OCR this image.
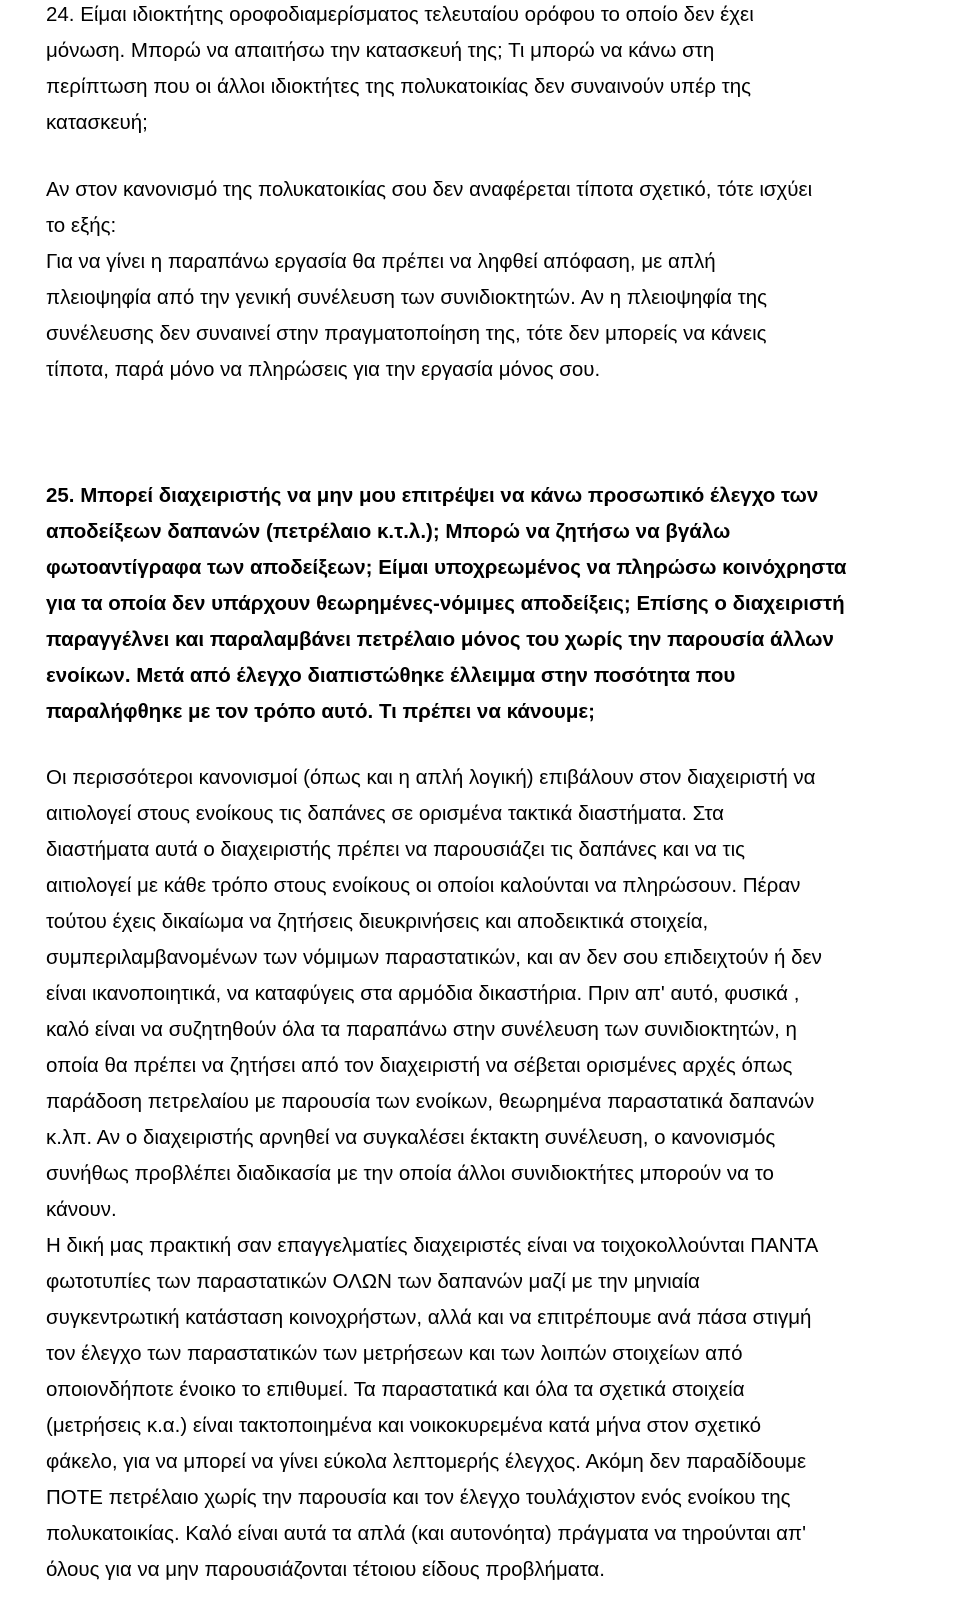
24. Είμαι ιδιοκτήτης οροφοδιαμερίσματος τελευταίου ορόφου το οποίο δεν έχει
μόνωση. Μπορώ να απαιτήσω την κατασκευή της; Τι μπορώ να κάνω στη
περίπτωση που οι άλλοι ιδιοκτήτες της πολυκατοικίας δεν συναινούν υπέρ της
κατασκευή;
Αν στον κανονισμό της πολυκατοικίας σου δεν αναφέρεται τίποτα σχετικό, τότε ισχύει
το εξής:
Για να γίνει η παραπάνω εργασία θα πρέπει να ληφθεί απόφαση, με απλή
πλειοψηφία από την γενική συνέλευση των συνιδιοκτητών. Αν η πλειοψηφία της
συνέλευσης δεν συναινεί στην πραγματοποίηση της, τότε δεν μπορείς να κάνεις
τίποτα, παρά μόνο να πληρώσεις για την εργασία μόνος σου.
25. Μπορεί διαχειριστής να μην μου επιτρέψει να κάνω προσωπικό έλεγχο των
αποδείξεων δαπανών (πετρέλαιο κ.τ.λ.); Μπορώ να ζητήσω να βγάλω
φωτοαντίγραφα των αποδείξεων; Είμαι υποχρεωμένος να πληρώσω κοινόχρηστα
για τα οποία δεν υπάρχουν θεωρημένες-νόμιμες αποδείξεις; Επίσης ο διαχειριστή
παραγγέλνει και παραλαμβάνει πετρέλαιο μόνος του χωρίς την παρουσία άλλων
ενοίκων. Μετά από έλεγχο διαπιστώθηκε έλλειμμα στην ποσότητα που
παραλήφθηκε με τον τρόπο αυτό. Τι πρέπει να κάνουμε;
Οι περισσότεροι κανονισμοί (όπως και η απλή λογική) επιβάλουν στον διαχειριστή να
αιτιολογεί στους ενοίκους τις δαπάνες σε ορισμένα τακτικά διαστήματα. Στα
διαστήματα αυτά ο διαχειριστής πρέπει να παρουσιάζει τις δαπάνες και να τις
αιτιολογεί με κάθε τρόπο στους ενοίκους οι οποίοι καλούνται να πληρώσουν. Πέραν
τούτου έχεις δικαίωμα να ζητήσεις διευκρινήσεις και αποδεικτικά στοιχεία,
συμπεριλαμβανομένων των νόμιμων παραστατικών, και αν δεν σου επιδειχτούν ή δεν
είναι ικανοποιητικά, να καταφύγεις στα αρμόδια δικαστήρια. Πριν απ' αυτό, φυσικά ,
καλό είναι να συζητηθούν όλα τα παραπάνω στην συνέλευση των συνιδιοκτητών, η
οποία θα πρέπει να ζητήσει από τον διαχειριστή να σέβεται ορισμένες αρχές όπως
παράδοση πετρελαίου με παρουσία των ενοίκων, θεωρημένα παραστατικά δαπανών
κ.λπ. Αν ο διαχειριστής αρνηθεί να συγκαλέσει έκτακτη συνέλευση, ο κανονισμός
συνήθως προβλέπει διαδικασία με την οποία άλλοι συνιδιοκτήτες μπορούν να το
κάνουν.
Η δική μας πρακτική σαν επαγγελματίες διαχειριστές είναι να τοιχοκολλούνται ΠΑΝΤΑ
φωτοτυπίες των παραστατικών ΟΛΩΝ των δαπανών μαζί με την μηνιαία
συγκεντρωτική κατάσταση κοινοχρήστων, αλλά και να επιτρέπουμε ανά πάσα στιγμή
τον έλεγχο των παραστατικών των μετρήσεων και των λοιπών στοιχείων από
οποιονδήποτε ένοικο το επιθυμεί. Τα παραστατικά και όλα τα σχετικά στοιχεία
(μετρήσεις κ.α.) είναι τακτοποιημένα και νοικοκυρεμένα κατά μήνα στον σχετικό
φάκελο, για να μπορεί να γίνει εύκολα λεπτομερής έλεγχος. Ακόμη δεν παραδίδουμε
ΠΟΤΕ πετρέλαιο χωρίς την παρουσία και τον έλεγχο τουλάχιστον ενός ενοίκου της
πολυκατοικίας. Καλό είναι αυτά τα απλά (και αυτονόητα) πράγματα να τηρούνται απ'
όλους για να μην παρουσιάζονται τέτοιου είδους προβλήματα.
